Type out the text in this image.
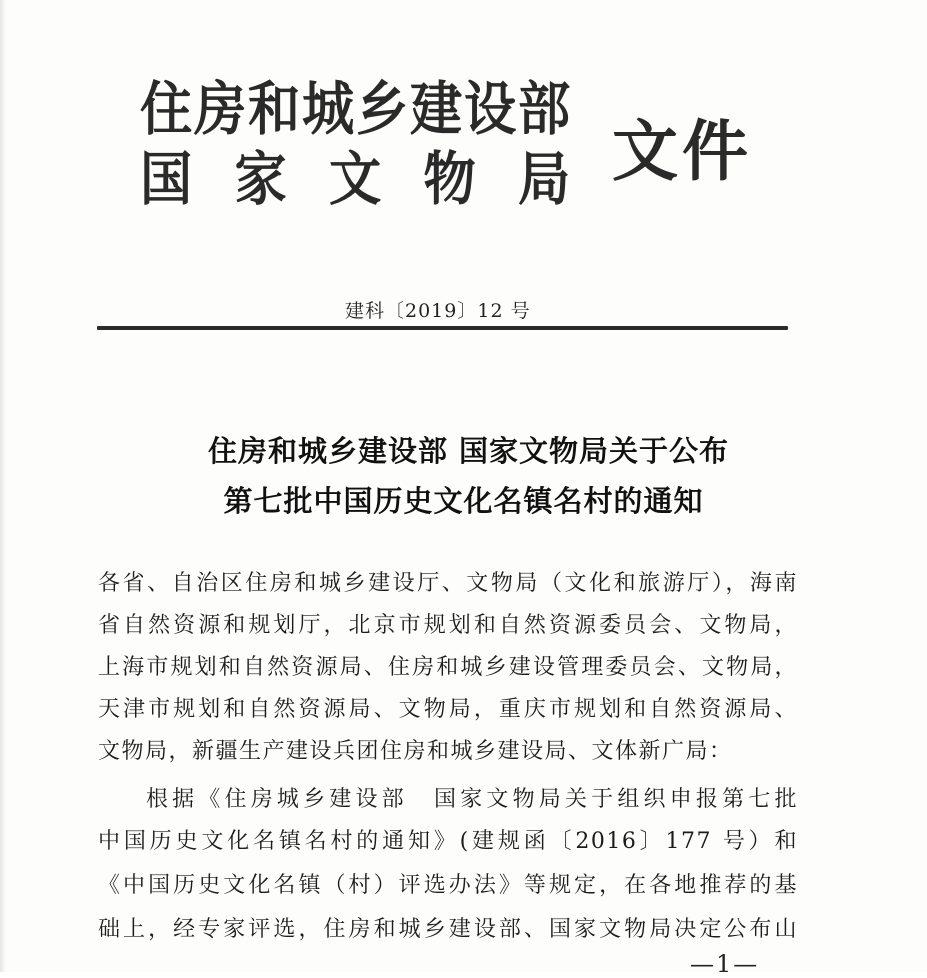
住房和城乡建设部
国家文物局 文件
建科〔2019〕12 号
住房和城乡建设部 国家文物局关于公布
第七批中国历史文化名镇名村的通知
各省、自治区住房和城乡建设厅、文物局（文化和旅游厅），海南
省自然资源和规划厅，北京市规划和自然资源委员会、文物局，
上海市规划和自然资源局、住房和城乡建设管理委员会、文物局，
天津市规划和自然资源局、文物局，重庆市规划和自然资源局、
文物局，新疆生产建设兵团住房和城乡建设局、文体新广局：
根据《住房城乡建设部　国家文物局关于组织申报第七批
中国历史文化名镇名村的通知》(建规函〔2016〕177 号）和
《中国历史文化名镇（村）评选办法》等规定，在各地推荐的基
础上，经专家评选，住房和城乡建设部、国家文物局决定公布山
—1—
